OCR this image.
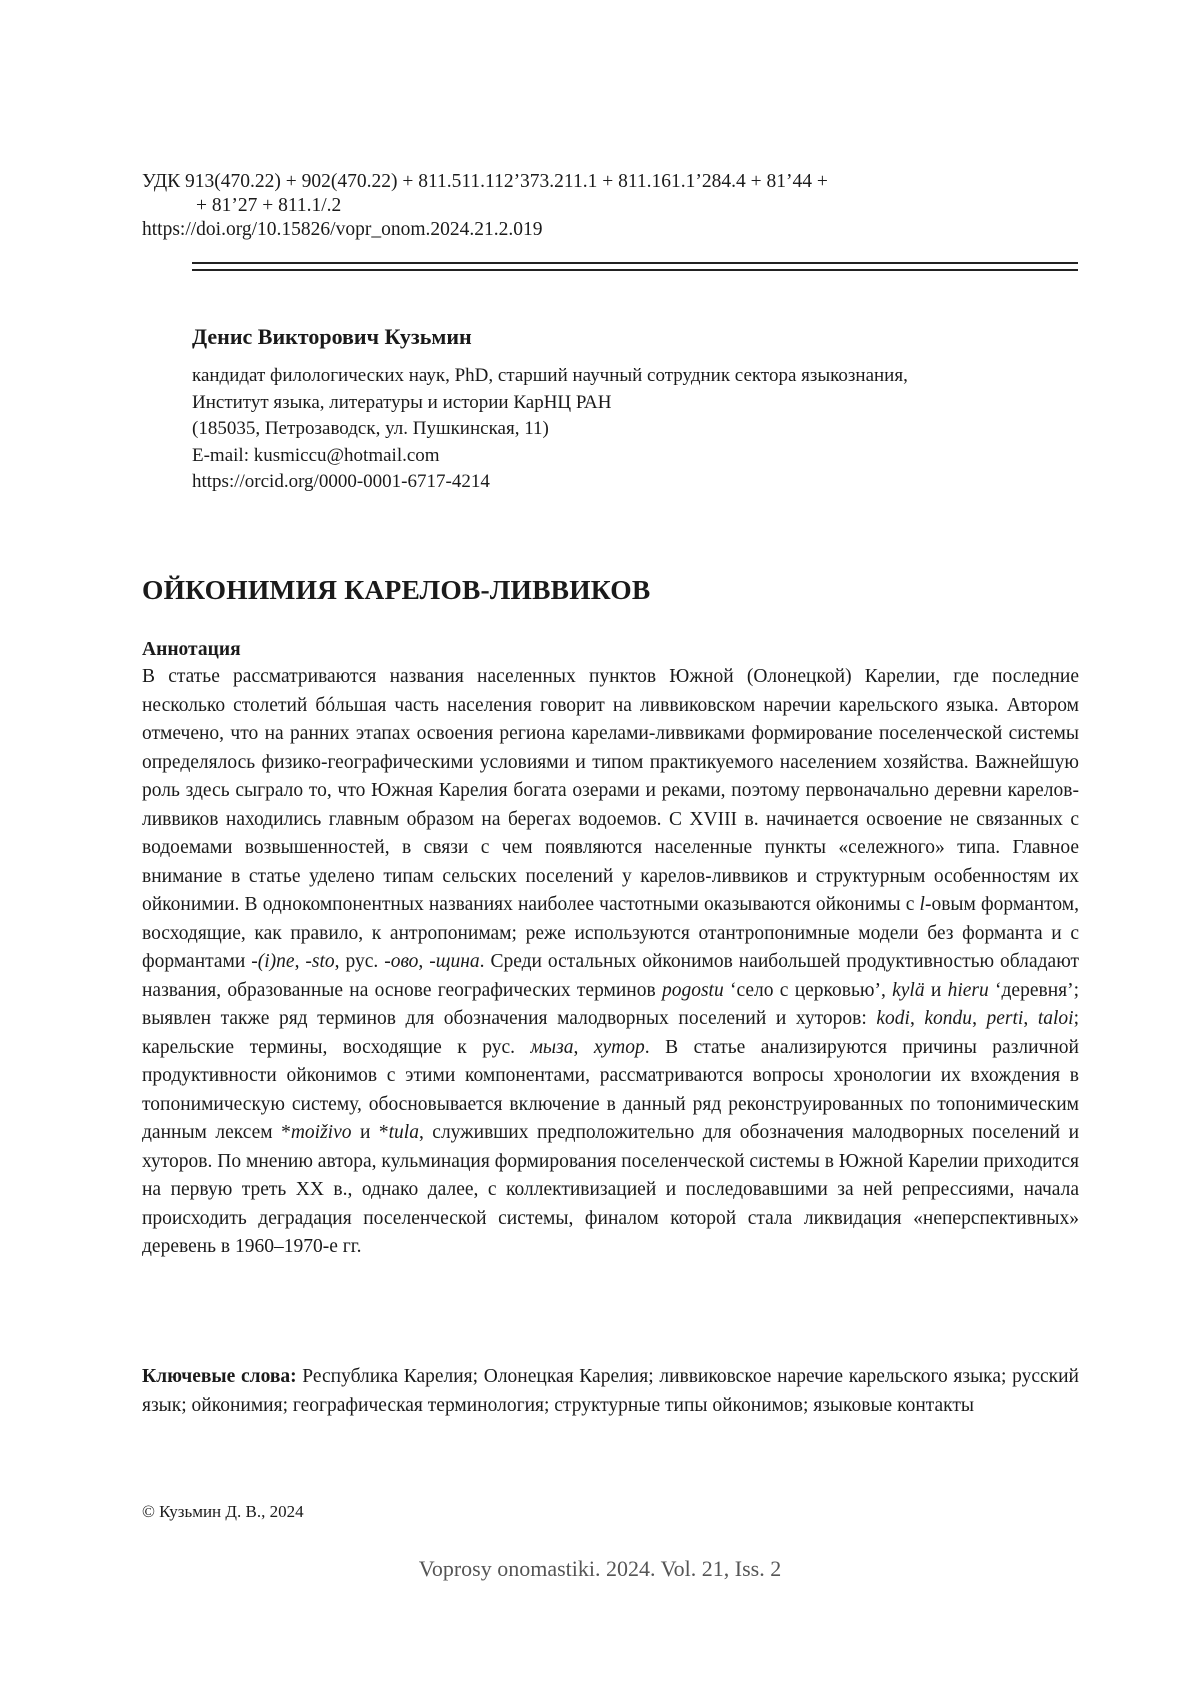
УДК 913(470.22) + 902(470.22) + 811.511.112’373.211.1 + 811.161.1’284.4 + 81’44 +
+ 81’27 + 811.1/.2
https://doi.org/10.15826/vopr_onom.2024.21.2.019
Денис Викторович Кузьмин
кандидат филологических наук, PhD, старший научный сотрудник сектора языкознания,
Институт языка, литературы и истории КарНЦ РАН
(185035, Петрозаводск, ул. Пушкинская, 11)
E-mail: kusmiccu@hotmail.com
https://orcid.org/0000-0001-6717-4214
ОЙКОНИМИЯ КАРЕЛОВ-ЛИВВИКОВ
Аннотация

В статье рассматриваются названия населенных пунктов Южной (Олонецкой) Карелии, где последние несколько столетий бóльшая часть населения говорит на ливвиковском наречии карельского языка. Автором отмечено, что на ранних этапах освоения региона карелами-ливвиками формирование поселенческой системы определялось физико-географическими условиями и типом практикуемого населением хозяйства. Важнейшую роль здесь сыграло то, что Южная Карелия богата озерами и реками, поэтому первоначально деревни карелов-ливвиков находились главным образом на берегах водоемов. С XVIII в. начинается освоение не связанных с водоемами возвышенностей, в связи с чем появляются населенные пункты «сележного» типа. Главное внимание в статье уделено типам сельских поселений у карелов-ливвиков и структурным особенностям их ойконимии. В однокомпонентных названиях наиболее частотными оказываются ойконимы с l-овым формантом, восходящие, как правило, к антропонимам; реже используются отантропонимные модели без форманта и с формантами -(i)ne, -sto, рус. -ово, -щина. Среди остальных ойконимов наибольшей продуктивностью обладают названия, образованные на основе географических терминов pogostu ‘село с церковью’, kylä и hieru ‘деревня’; выявлен также ряд терминов для обозначения малодворных поселений и хуторов: kodi, kondu, perti, taloi; карельские термины, восходящие к рус. мыза, хутор. В статье анализируются причины различной продуктивности ойконимов с этими компонентами, рассматриваются вопросы хронологии их вхождения в топонимическую систему, обосновывается включение в данный ряд реконструированных по топонимическим данным лексем *moiživo и *tula, служивших предположительно для обозначения малодворных поселений и хуторов. По мнению автора, кульминация формирования поселенческой системы в Южной Карелии приходится на первую треть XX в., однако далее, с коллективизацией и последовавшими за ней репрессиями, начала происходить деградация поселенческой системы, финалом которой стала ликвидация «неперспективных» деревень в 1960–1970-е гг.

Ключевые слова: Республика Карелия; Олонецкая Карелия; ливвиковское наречие карельского языка; русский язык; ойконимия; географическая терминология; структурные типы ойконимов; языковые контакты

© Кузьмин Д. В., 2024
Voprosy onomastiki. 2024. Vol. 21, Iss. 2
